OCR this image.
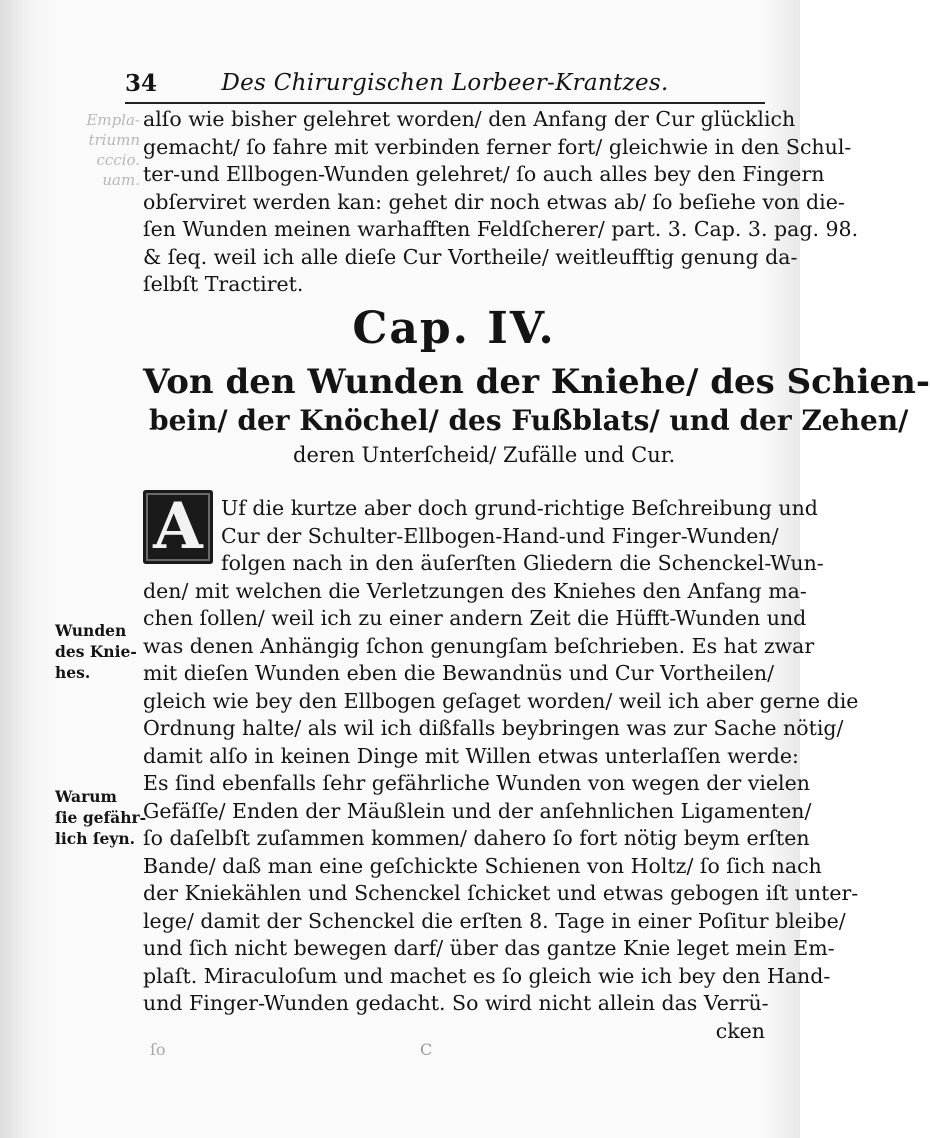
Empla-
triumn
cccio.
uam.
34	Des Chirurgischen Lorbeer-Krantzes.
alſo wie bisher gelehret worden/ den Anfang der Cur glücklich
gemacht/ ſo fahre mit verbinden ferner fort/ gleichwie in den Schul-
ter-und Ellbogen-Wunden gelehret/ ſo auch alles bey den Fingern
obſerviret werden kan: gehet dir noch etwas ab/ ſo beſiehe von die-
ſen Wunden meinen warhafften Feldſcherer/ part. 3. Cap. 3. pag. 98.
& ſeq. weil ich alle dieſe Cur Vortheile/ weitleufftig genung da-
ſelbſt Tractiret.
Cap. IV.
Von den Wunden der Kniehe/ des Schien-
bein/ der Knöchel/ des Fußblats/ und der Zehen/
deren Unterſcheid/ Zufälle und Cur.
A Uf die kurtze aber doch grund-richtige Beſchreibung und
Cur der Schulter-Ellbogen-Hand-und Finger-Wunden/
folgen nach in den äuſerſten Gliedern die Schenckel-Wun-
den/ mit welchen die Verletzungen des Kniehes den Anfang ma-
chen ſollen/ weil ich zu einer andern Zeit die Hüfft-Wunden und
was denen Anhängig ſchon genungſam beſchrieben. Es hat zwar
mit dieſen Wunden eben die Bewandnüs und Cur Vortheilen/
gleich wie bey den Ellbogen geſaget worden/ weil ich aber gerne die
Ordnung halte/ als wil ich dißfalls beybringen was zur Sache nötig/
damit alſo in keinen Dinge mit Willen etwas unterlaſſen werde:
Es ſind ebenfalls ſehr gefährliche Wunden von wegen der vielen
Gefäſſe/ Enden der Mäußlein und der anſehnlichen Ligamenten/
ſo daſelbſt zuſammen kommen/ dahero ſo fort nötig beym erſten
Bande/ daß man eine geſchickte Schienen von Holtz/ ſo ſich nach
der Kniekählen und Schenckel ſchicket und etwas gebogen iſt unter-
lege/ damit der Schenckel die erſten 8. Tage in einer Poſitur bleibe/
und ſich nicht bewegen darf/ über das gantze Knie leget mein Em-
plaſt. Miraculoſum und machet es ſo gleich wie ich bey den Hand-
und Finger-Wunden gedacht. So wird nicht allein das Verrü-
cken
Wunden
des Knie-
hes.
Warum
ſie gefähr-
lich ſeyn.
ſo	C
